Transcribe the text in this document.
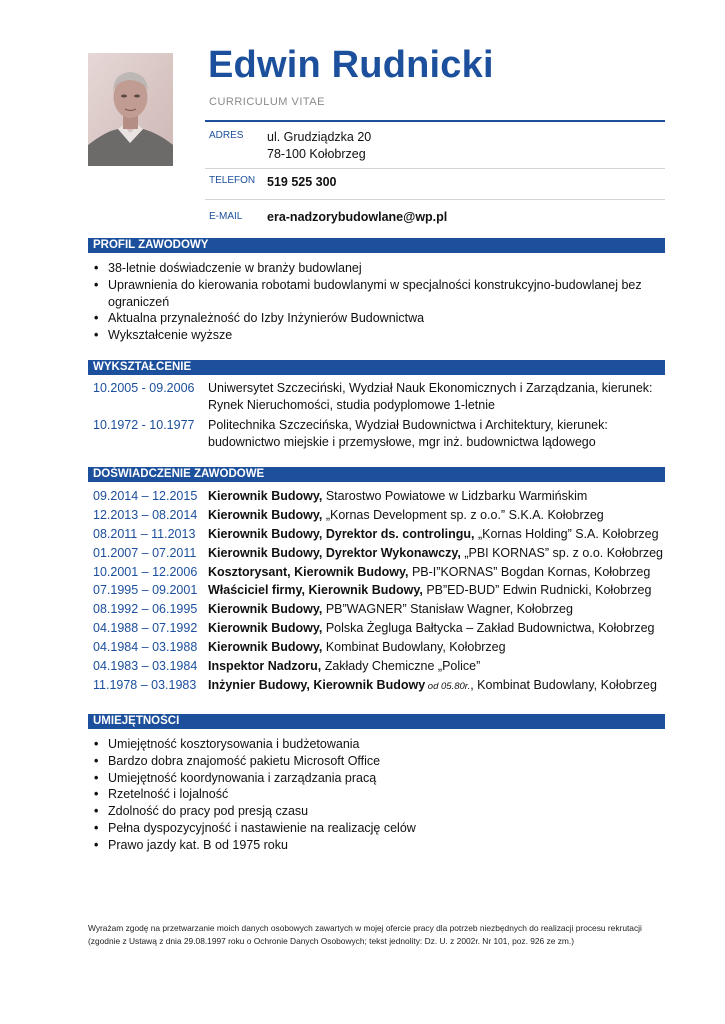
Edwin Rudnicki
CURRICULUM VITAE
ADRES ul. Grudziądzka 20
78-100 Kołobrzeg
TELEFON 519 525 300
E-MAIL era-nadzorybudowlane@wp.pl
PROFIL ZAWODOWY
• 38-letnie doświadczenie w branży budowlanej
• Uprawnienia do kierowania robotami budowlanymi w specjalności konstrukcyjno-budowlanej bez ograniczeń
• Aktualna przynależność do Izby Inżynierów Budownictwa
• Wykształcenie wyższe
WYKSZTAŁCENIE
10.2005 - 09.2006 Uniwersytet Szczeciński, Wydział Nauk Ekonomicznych i Zarządzania, kierunek: Rynek Nieruchomości, studia podyplomowe 1-letnie
10.1972 - 10.1977 Politechnika Szczecińska, Wydział Budownictwa i Architektury, kierunek: budownictwo miejskie i przemysłowe, mgr inż. budownictwa lądowego
DOŚWIADCZENIE ZAWODOWE
09.2014 – 12.2015 Kierownik Budowy, Starostwo Powiatowe w Lidzbarku Warmińskim
12.2013 – 08.2014 Kierownik Budowy, „Kornas Development sp. z o.o.” S.K.A. Kołobrzeg
08.2011 – 11.2013 Kierownik Budowy, Dyrektor ds. controlingu, „Kornas Holding” S.A. Kołobrzeg
01.2007 – 07.2011 Kierownik Budowy, Dyrektor Wykonawczy, „PBI KORNAS” sp. z o.o. Kołobrzeg
10.2001 – 12.2006 Kosztorysant, Kierownik Budowy, PB-I”KORNAS” Bogdan Kornas, Kołobrzeg
07.1995 – 09.2001 Właściciel firmy, Kierownik Budowy, PB”ED-BUD” Edwin Rudnicki, Kołobrzeg
08.1992 – 06.1995 Kierownik Budowy, PB”WAGNER” Stanisław Wagner, Kołobrzeg
04.1988 – 07.1992 Kierownik Budowy, Polska Żegluga Bałtycka – Zakład Budownictwa, Kołobrzeg
04.1984 – 03.1988 Kierownik Budowy, Kombinat Budowlany, Kołobrzeg
04.1983 – 03.1984 Inspektor Nadzoru, Zakłady Chemiczne „Police”
11.1978 – 03.1983 Inżynier Budowy, Kierownik Budowy od 05.80r., Kombinat Budowlany, Kołobrzeg
UMIEJĘTNOŚCI
• Umiejętność kosztorysowania i budżetowania
• Bardzo dobra znajomość pakietu Microsoft Office
• Umiejętność koordynowania i zarządzania pracą
• Rzetelność i lojalność
• Zdolność do pracy pod presją czasu
• Pełna dyspozycyjność i nastawienie na realizację celów
• Prawo jazdy kat. B od 1975 roku
Wyrażam zgodę na przetwarzanie moich danych osobowych zawartych w mojej ofercie pracy dla potrzeb niezbędnych do realizacji procesu rekrutacji (zgodnie z Ustawą z dnia 29.08.1997 roku o Ochronie Danych Osobowych; tekst jednolity: Dz. U. z 2002r. Nr 101, poz. 926 ze zm.)
